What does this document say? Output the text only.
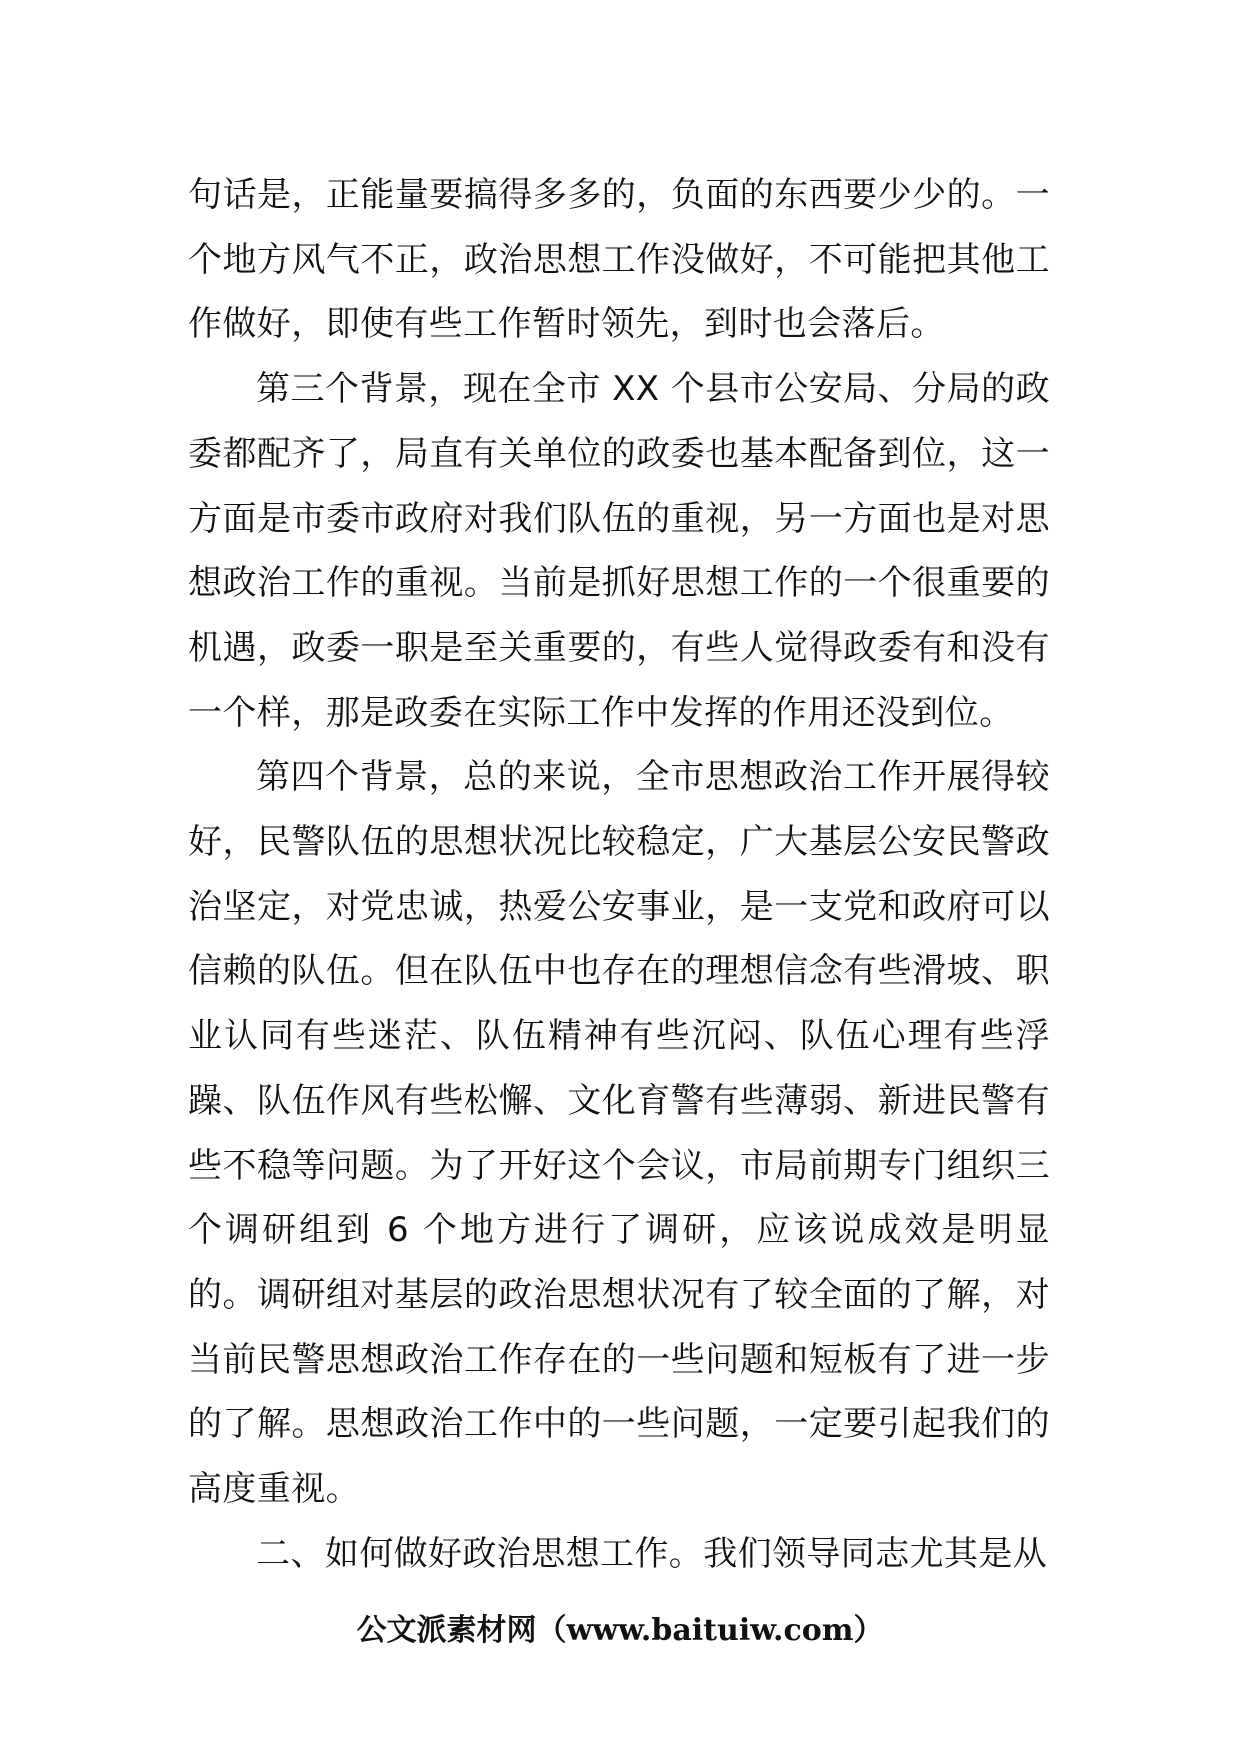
句话是，正能量要搞得多多的，负面的东西要少少的。一个地方风气不正，政治思想工作没做好，不可能把其他工作做好，即使有些工作暂时领先，到时也会落后。

第三个背景，现在全市 XX 个县市公安局、分局的政委都配齐了，局直有关单位的政委也基本配备到位，这一方面是市委市政府对我们队伍的重视，另一方面也是对思想政治工作的重视。当前是抓好思想工作的一个很重要的机遇，政委一职是至关重要的，有些人觉得政委有和没有一个样，那是政委在实际工作中发挥的作用还没到位。

第四个背景，总的来说，全市思想政治工作开展得较好，民警队伍的思想状况比较稳定，广大基层公安民警政治坚定，对党忠诚，热爱公安事业，是一支党和政府可以信赖的队伍。但在队伍中也存在的理想信念有些滑坡、职业认同有些迷茫、队伍精神有些沉闷、队伍心理有些浮躁、队伍作风有些松懈、文化育警有些薄弱、新进民警有些不稳等问题。为了开好这个会议，市局前期专门组织三个调研组到 6 个地方进行了调研，应该说成效是明显的。调研组对基层的政治思想状况有了较全面的了解，对当前民警思想政治工作存在的一些问题和短板有了进一步的了解。思想政治工作中的一些问题，一定要引起我们的高度重视。

二、如何做好政治思想工作。我们领导同志尤其是从

公文派素材网（www.baituiw.com）
